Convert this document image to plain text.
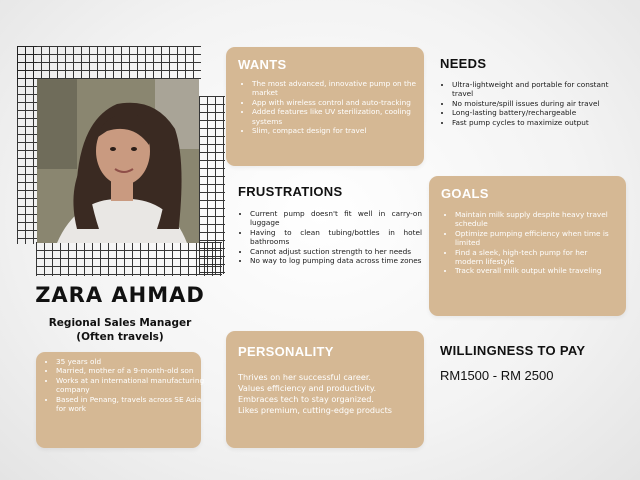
ZARA AHMAD
Regional Sales Manager
(Often travels)
• 35 years old
• Married, mother of a 9-month-old son
• Works at an international manufacturing company
• Based in Penang, travels across SE Asia for work
WANTS
• The most advanced, innovative pump on the market
• App with wireless control and auto-tracking
• Added features like UV sterilization, cooling systems
• Slim, compact design for travel
NEEDS
• Ultra-lightweight and portable for constant travel
• No moisture/spill issues during air travel
• Long-lasting battery/rechargeable
• Fast pump cycles to maximize output
FRUSTRATIONS
• Current pump doesn't fit well in carry-on luggage
• Having to clean tubing/bottles in hotel bathrooms
• Cannot adjust suction strength to her needs
• No way to log pumping data across time zones
GOALS
• Maintain milk supply despite heavy travel schedule
• Optimize pumping efficiency when time is limited
• Find a sleek, high-tech pump for her modern lifestyle
• Track overall milk output while traveling
PERSONALITY

Thrives on her successful career.

Values efficiency and productivity.

Embraces tech to stay organized.

Likes premium, cutting-edge products

WILLINGNESS TO PAY
RM1500 - RM 2500
